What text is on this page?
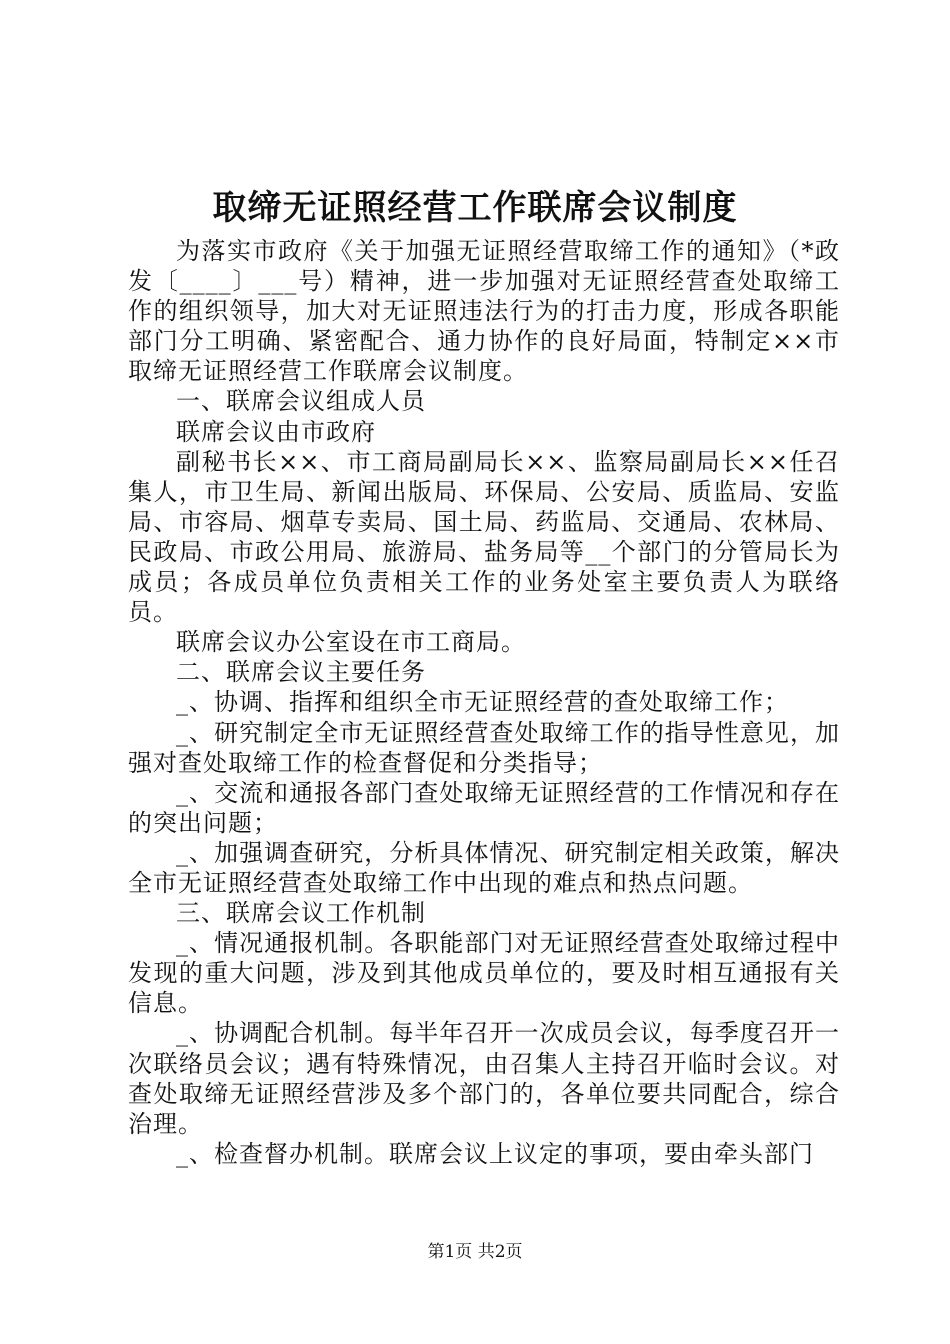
取缔无证照经营工作联席会议制度

为落实市政府《关于加强无证照经营取缔工作的通知》（*政发〔____〕___号）精神，进一步加强对无证照经营查处取缔工作的组织领导，加大对无证照违法行为的打击力度，形成各职能部门分工明确、紧密配合、通力协作的良好局面，特制定××市取缔无证照经营工作联席会议制度。

一、联席会议组成人员

联席会议由市政府

副秘书长××、市工商局副局长××、监察局副局长××任召集人，市卫生局、新闻出版局、环保局、公安局、质监局、安监局、市容局、烟草专卖局、国土局、药监局、交通局、农林局、民政局、市政公用局、旅游局、盐务局等__个部门的分管局长为成员；各成员单位负责相关工作的业务处室主要负责人为联络员。

联席会议办公室设在市工商局。

二、联席会议主要任务

_、协调、指挥和组织全市无证照经营的查处取缔工作；

_、研究制定全市无证照经营查处取缔工作的指导性意见，加强对查处取缔工作的检查督促和分类指导；

_、交流和通报各部门查处取缔无证照经营的工作情况和存在的突出问题；

_、加强调查研究，分析具体情况、研究制定相关政策，解决全市无证照经营查处取缔工作中出现的难点和热点问题。

三、联席会议工作机制

_、情况通报机制。各职能部门对无证照经营查处取缔过程中发现的重大问题，涉及到其他成员单位的，要及时相互通报有关信息。

_、协调配合机制。每半年召开一次成员会议，每季度召开一次联络员会议；遇有特殊情况，由召集人主持召开临时会议。对查处取缔无证照经营涉及多个部门的，各单位要共同配合，综合治理。

_、检查督办机制。联席会议上议定的事项，要由牵头部门

第1页 共2页
